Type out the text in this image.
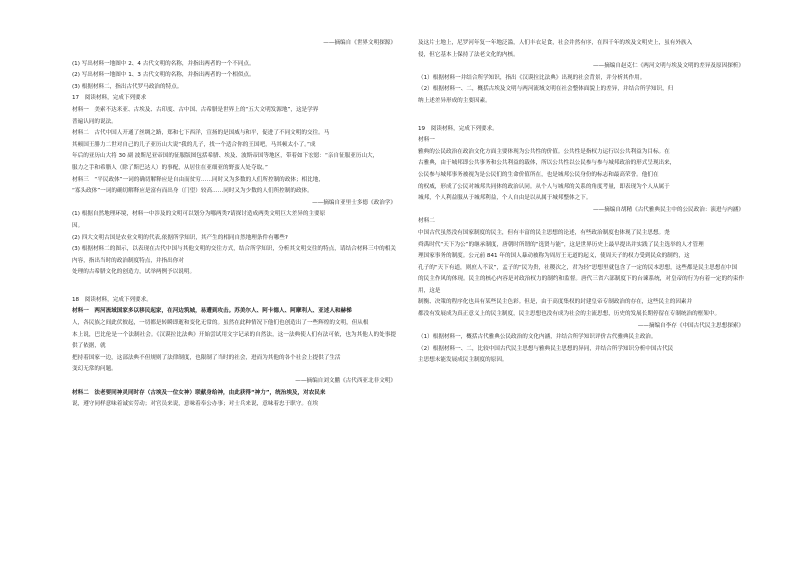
——摘编自《世界文明探源》

(1) 写出材料一地图中 2、4 古代文明的名称，并指出两者的一个不同点。

(2) 写出材料一地图中 1、3 古代文明的名称，并指出两者的一个相似点。

(3) 根据材料二，指出古代罗马政治的特点。

17　阅读材料，完成下列要求

材料一　美索不达米亚、古埃及、古印度、古中国、古希腊是世界上的“五大文明发源地”，这是学界

普遍认同的说法。

材料二　古代中国人开通了丝绸之路，郑和七下西洋，宣扬的是国威与和平，促进了不同文明的交往。马

其顿国王腓力二世对自己的儿子亚历山大说“我的儿子，找一个适合你的王国吧，马其顿太小了。”成

年后的亚历山大将 30 副 波斯尼亚帝国的征服版图包括希腊、埃及、波斯帝国等地区，带着如下宏愿：“亲自征服亚历山大，

服力之手和希腊人（除了斯巴达人）的事配，从居住在亚细亚的野蛮人处夺取。”

材料三　“平民政体”一词的确切解释应是自由而贫穷……同时又为多数的人们所控制的政体；相比地，

“寡头政体”一词的确切解释应是富有而出身（门望）较高……同时又为少数的人们所控制的政体。

——摘编自亚里士多德《政治学》

(1) 根据自然地理环境，材料一中涉及的文明可以划分为哪两类?请探讨造成两类文明巨大差异的主要原

因。

(2) 四大文明古国是农业文明的代表,依据所学知识，其产生的相同自然地理条件有哪些?

(3) 根据材料二的图示，以表现在古代中国与其他文明的交往方式，结合所学知识，分析其文明交往的特点，请结合材料三中的相关内容，指出当时的政治制度特点，并指出你对

处理的古希腊文化的创造力，试举两例予以说明。

18　阅读材料，完成下列要求。

材料一　两河流域国家多以移民起家，在河边筑城，易遭到攻击。苏美尔人、阿卡德人、阿摩利人、亚述人和赫梯

人，各民族之间此伏彼起，一切都是转瞬即逝和变化无常的。虽然在此种情况下他们也创造出了一些辉煌的文明，但从根

本上说，巴比伦是一个法制社会。《汉谟拉比法典》开始尝试用文字记录的自然法，这一法典使人们有法可依，也为其他人的处事提供了依据，就

把持着国家一边，这部法典不但规则了法律制度，也限制了当时的社会，进而为其他的各个社会上提供了生活

变幻无常的问题。

——摘编自刘文鹏《古代西亚北非文明》

材料二　法老要同神灵同时存（古埃及一位女神）联献身给神，由此获得“神力”，统治埃及，对农民来

说，遵守同样意味着诚实劳动；对官员来说，意味着奉公办事；对士兵来说，意味着忠于职守。在埃

及这片土地上，尼罗河年复一年地泛滥，人们丰衣足食，社会井然有序，在四千年的埃及文明史上，虽有外族入

侵，但它基本上保持了法老文化的内核。

——摘编自赵克仁《两河文明与埃及文明的差异及原因探析》

（1）根据材料一并结合所学知识，指出《汉谟拉比法典》出现的社会背景，并分析其作用。

（2）根据材料一、二，概括古埃及文明与两河流域文明在社会整体面貌上的差异，并结合所学知识，归

纳上述差异形成的主要因素。

19　阅读材料，完成下列要求。

材料一

雅典的公民政治在政治文化方面主要体现为公共性的价值。公共性是指权力运行以公共利益为目标。在

古雅典，由于城邦即公共事务和公共利益的载体，所以公共性以公民参与参与城邦政治的形式呈现出来，

公民参与城邦事务被视为是公民们的生命价值所在，也是城邦公民身份的标志和最高荣誉。他们在

的权威，形成了公民对城邦共同体的政治认同。从个人与城邦的关系的角度考量，即表现为个人从属于

城邦，个人利益服从于城邦利益，个人自由是以从属于城邦整体之下。

——摘编自胡精《古代雅典民主中的公民政治：演进与内涵》

材料二

中国古代虽然没有国家制度的民主，但有丰富的民主思想的论述，有些政治制度也体现了民主思想。尧

舜禹时代“天下为公”的继承制度，唐朝时所谓的“选贤与能”，这是世界历史上最早提出并实践了民主选举的人才管理

理国家事务的制度。公元前 841 年的国人暴动被称为周厉王无道的起义，使周天子的权力受到民众的制约，这

孔子的“天下有道，则庶人不议”，孟子的“民为贵，社稷次之，君为轻”思想里就包含了一定的民本思想，这些都是民主思想在中国

的民主作风的体现。民主的核心内容是对政治权力的制约和监督。唐代三省六部制度下的台谏系统，对皇帝的行为有着一定的约束作用，这是

制衡、决策的程序化也具有某些民主色彩。但是，由于高度集权的封建皇帝专制政治的存在，这些民主的因素并

都没有发展成为真正意义上的民主制度，民主思想也没有成为社会的主流思想，历史的发展长期停留在专制统治的框架中。

——摘编自李存《中国古代民主思想探索》

（1）根据材料一，概括古代雅典公民政治的文化内涵，并结合所学知识评价古代雅典民主政治。

（2）根据材料一、二，比较中国古代民主思想与雅典民主思想的异同，并结合所学知识分析中国古代民

主思想未能发展成民主制度的原因。
